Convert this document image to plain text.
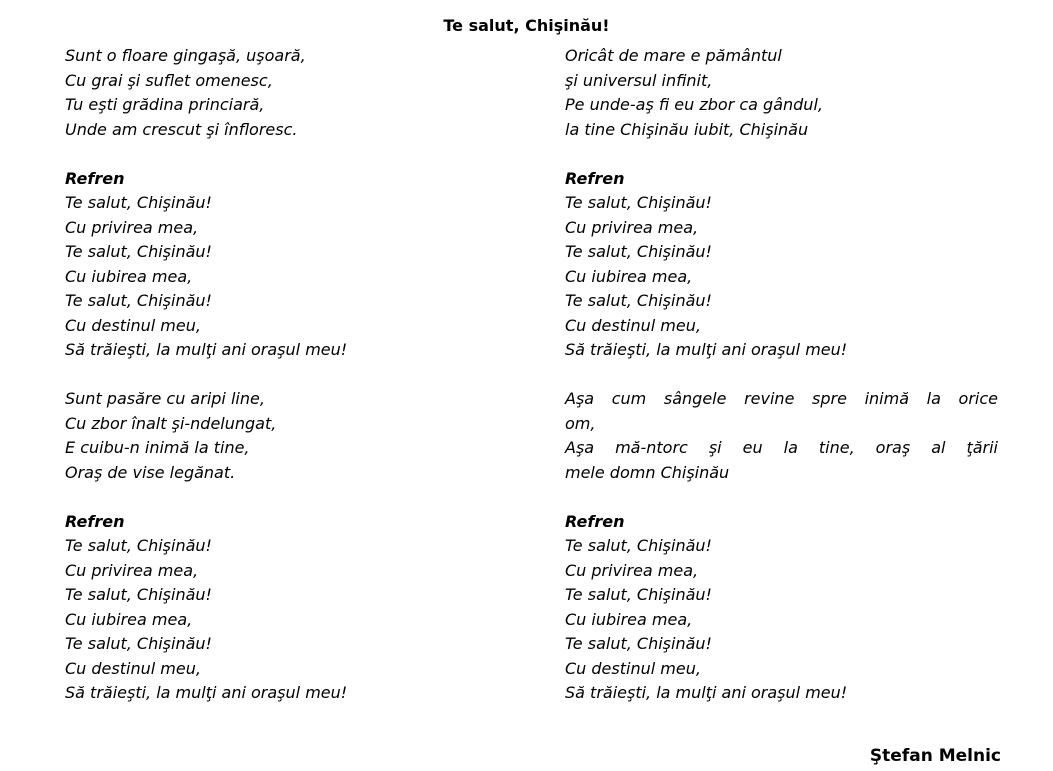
Te salut, Chişinău!
Sunt o floare gingaşă, uşoară,
Cu grai şi suflet omenesc,
Tu eşti grădina princiară,
Unde am crescut şi înfloresc.
Refren
Te salut, Chişinău!
Cu privirea mea,
Te salut, Chişinău!
Cu iubirea mea,
Te salut, Chişinău!
Cu destinul meu,
Să trăieşti, la mulţi ani oraşul meu!
Sunt pasăre cu aripi line,
Cu zbor înalt şi-ndelungat,
E cuibu-n inimă la tine,
Oraş de vise legănat.
Refren
Te salut, Chişinău!
Cu privirea mea,
Te salut, Chişinău!
Cu iubirea mea,
Te salut, Chişinău!
Cu destinul meu,
Să trăieşti, la mulţi ani oraşul meu!
Oricât de mare e pământul
şi universul infinit,
Pe unde-aş fi eu zbor ca gândul,
la tine Chişinău iubit, Chişinău
Refren
Te salut, Chişinău!
Cu privirea mea,
Te salut, Chişinău!
Cu iubirea mea,
Te salut, Chişinău!
Cu destinul meu,
Să trăieşti, la mulţi ani oraşul meu!
Aşa cum sângele revine spre inimă la orice
om,
Aşa mă-ntorc şi eu la tine, oraş al ţării
mele domn Chişinău
Refren
Te salut, Chişinău!
Cu privirea mea,
Te salut, Chişinău!
Cu iubirea mea,
Te salut, Chişinău!
Cu destinul meu,
Să trăieşti, la mulţi ani oraşul meu!
Ştefan Melnic
